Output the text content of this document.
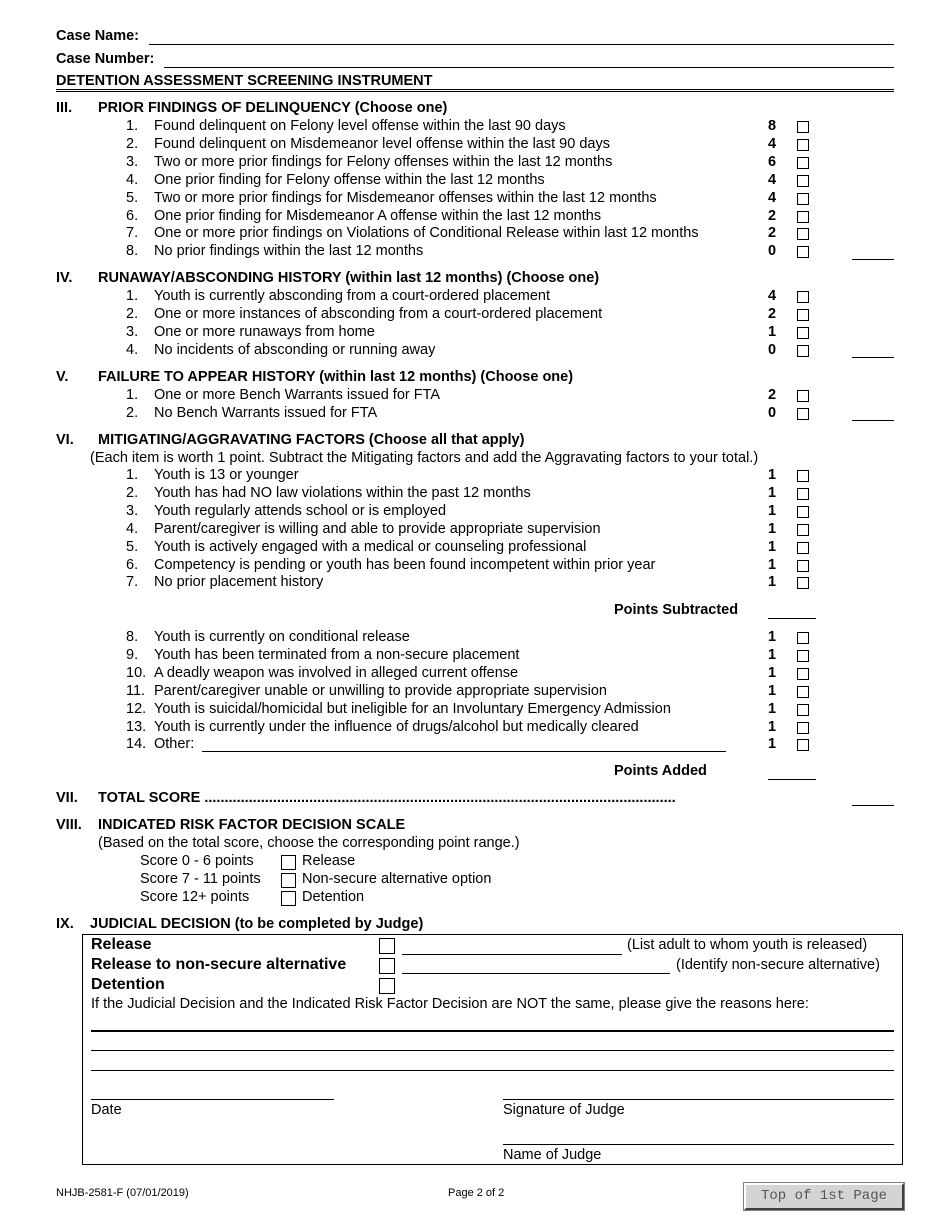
Case Name:
Case Number:
DETENTION ASSESSMENT SCREENING INSTRUMENT
III. PRIOR FINDINGS OF DELINQUENCY (Choose one)
1. Found delinquent on Felony level offense within the last 90 days	8
2. Found delinquent on Misdemeanor level offense within the last 90 days	4
3. Two or more prior findings for Felony offenses within the last 12 months	6
4. One prior finding for Felony offense within the last 12 months	4
5. Two or more prior findings for Misdemeanor offenses within the last 12 months	4
6. One prior finding for Misdemeanor A offense within the last 12 months	2
7. One or more prior findings on Violations of Conditional Release within last 12 months	2
8. No prior findings within the last 12 months	0
IV. RUNAWAY/ABSCONDING HISTORY (within last 12 months) (Choose one)
1. Youth is currently absconding from a court-ordered placement	4
2. One or more instances of absconding from a court-ordered placement	2
3. One or more runaways from home	1
4. No incidents of absconding or running away	0
V. FAILURE TO APPEAR HISTORY (within last 12 months) (Choose one)
1. One or more Bench Warrants issued for FTA	2
2. No Bench Warrants issued for FTA	0
VI. MITIGATING/AGGRAVATING FACTORS (Choose all that apply)
(Each item is worth 1 point. Subtract the Mitigating factors and add the Aggravating factors to your total.)
1. Youth is 13 or younger	1
2. Youth has had NO law violations within the past 12 months	1
3. Youth regularly attends school or is employed	1
4. Parent/caregiver is willing and able to provide appropriate supervision	1
5. Youth is actively engaged with a medical or counseling professional	1
6. Competency is pending or youth has been found incompetent within prior year	1
7. No prior placement history	1
Points Subtracted
8. Youth is currently on conditional release	1
9. Youth has been terminated from a non-secure placement	1
10. A deadly weapon was involved in alleged current offense	1
11. Parent/caregiver unable or unwilling to provide appropriate supervision	1
12. Youth is suicidal/homicidal but ineligible for an Involuntary Emergency Admission	1
13. Youth is currently under the influence of drugs/alcohol but medically cleared	1
14. Other:	1
Points Added
VII. TOTAL SCORE .....................................................................................................................
VIII. INDICATED RISK FACTOR DECISION SCALE
(Based on the total score, choose the corresponding point range.)
Score 0 - 6 points	Release
Score 7 - 11 points	Non-secure alternative option
Score 12+ points	Detention
IX. JUDICIAL DECISION (to be completed by Judge)
Release	(List adult to whom youth is released)
Release to non-secure alternative	(Identify non-secure alternative)
Detention
If the Judicial Decision and the Indicated Risk Factor Decision are NOT the same, please give the reasons here:
Date	Signature of Judge
Name of Judge
NHJB-2581-F (07/01/2019)	Page 2 of 2	Top of 1st Page
